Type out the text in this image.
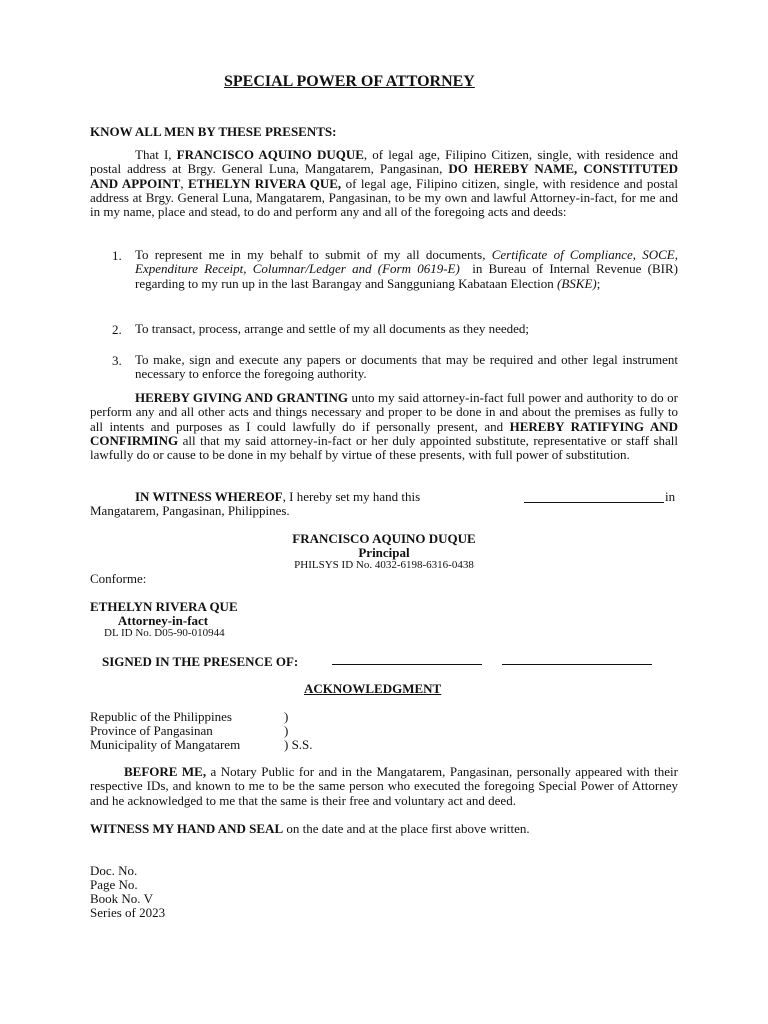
SPECIAL POWER OF ATTORNEY
KNOW ALL MEN BY THESE PRESENTS:
That I, FRANCISCO AQUINO DUQUE, of legal age, Filipino Citizen, single, with residence and postal address at Brgy. General Luna, Mangatarem, Pangasinan, DO HEREBY NAME, CONSTITUTED AND APPOINT, ETHELYN RIVERA QUE, of legal age, Filipino citizen, single, with residence and postal address at Brgy. General Luna, Mangatarem, Pangasinan, to be my own and lawful Attorney-in-fact, for me and in my name, place and stead, to do and perform any and all of the foregoing acts and deeds:
1. To represent me in my behalf to submit of my all documents, Certificate of Compliance, SOCE, Expenditure Receipt, Columnar/Ledger and (Form 0619-E)  in Bureau of Internal Revenue (BIR) regarding to my run up in the last Barangay and Sangguniang Kabataan Election (BSKE);
2. To transact, process, arrange and settle of my all documents as they needed;
3. To make, sign and execute any papers or documents that may be required and other legal instrument necessary to enforce the foregoing authority.
HEREBY GIVING AND GRANTING unto my said attorney-in-fact full power and authority to do or perform any and all other acts and things necessary and proper to be done in and about the premises as fully to all intents and purposes as I could lawfully do if personally present, and HEREBY RATIFYING AND CONFIRMING all that my said attorney-in-fact or her duly appointed substitute, representative or staff shall lawfully do or cause to be done in my behalf by virtue of these presents, with full power of substitution.
IN WITNESS WHEREOF, I hereby set my hand this	in
Mangatarem, Pangasinan, Philippines.
FRANCISCO AQUINO DUQUE
Principal
PHILSYS ID No. 4032-6198-6316-0438
Conforme:
ETHELYN RIVERA QUE
Attorney-in-fact
DL ID No. D05-90-010944
SIGNED IN THE PRESENCE OF:
ACKNOWLEDGMENT
Republic of the Philippines	)
Province of Pangasinan	)
Municipality of Mangatarem	) S.S.
BEFORE ME, a Notary Public for and in the Mangatarem, Pangasinan, personally appeared with their respective IDs, and known to me to be the same person who executed the foregoing Special Power of Attorney and he acknowledged to me that the same is their free and voluntary act and deed.
WITNESS MY HAND AND SEAL on the date and at the place first above written.
Doc. No.
Page No.
Book No. V
Series of 2023
